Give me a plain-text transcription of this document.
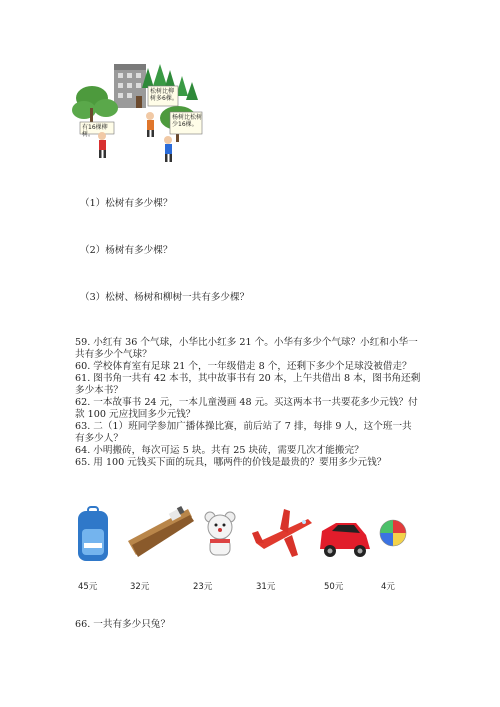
松树比柳树多6棵。
有16棵柳树。
杨树比松树少16棵。
（1）松树有多少棵？
（2）杨树有多少棵？
（3）松树、杨树和柳树一共有多少棵？
59. 小红有 36 个气球，小华比小红多 21 个。小华有多少个气球？小红和小华一
共有多少个气球？
60. 学校体育室有足球 21 个，一年级借走 8 个，还剩下多少个足球没被借走？
61. 图书角一共有 42 本书，其中故事书有 20 本，上午共借出 8 本，图书角还剩
多少本书？
62. 一本故事书 24 元，一本儿童漫画 48 元。买这两本书一共要花多少元钱？付
款 100 元应找回多少元钱？
63. 二（1）班同学参加广播体操比赛，前后站了 7 排，每排 9 人，这个班一共
有多少人？
64. 小明搬砖，每次可运 5 块。共有 25 块砖，需要几次才能搬完？
65. 用 100 元钱买下面的玩具，哪两件的价钱是最贵的？要用多少元钱？
45元	32元	23元	31元	50元	4元
66. 一共有多少只兔？
